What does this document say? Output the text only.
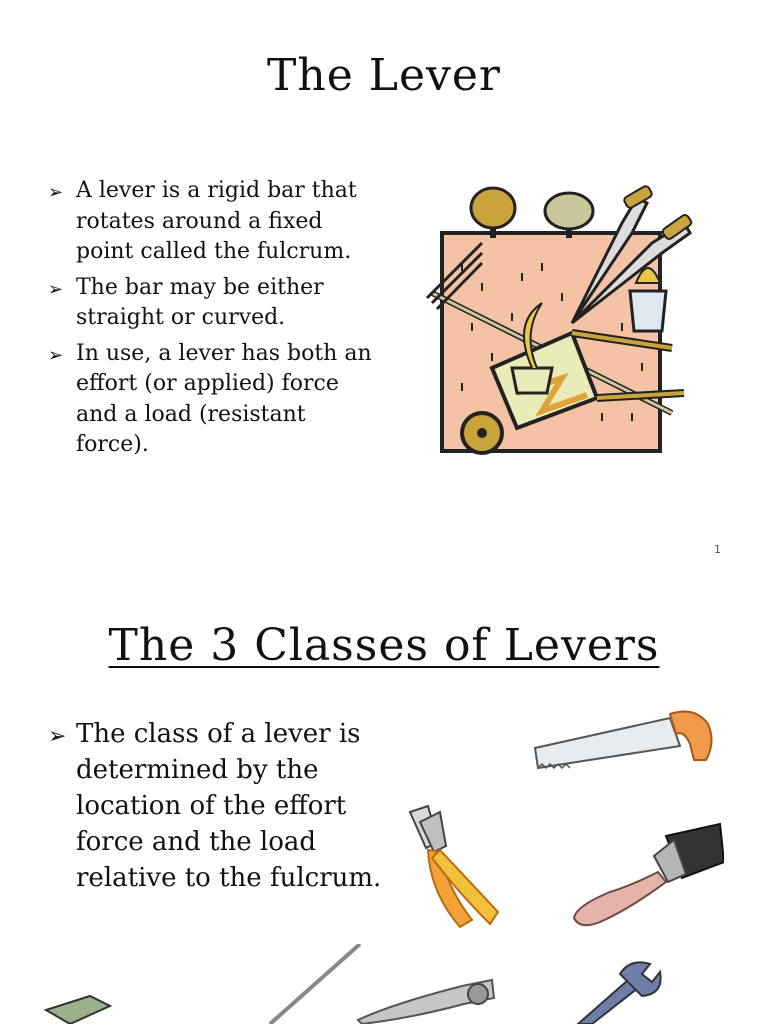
The Lever
➢ A lever is a rigid bar that rotates around a fixed point called the fulcrum.
➢ The bar may be either straight or curved.
➢ In use, a lever has both an effort (or applied) force and a load (resistant force).
1
The 3 Classes of Levers
➢ The class of a lever is determined by the location of the effort force and the load relative to the fulcrum.
